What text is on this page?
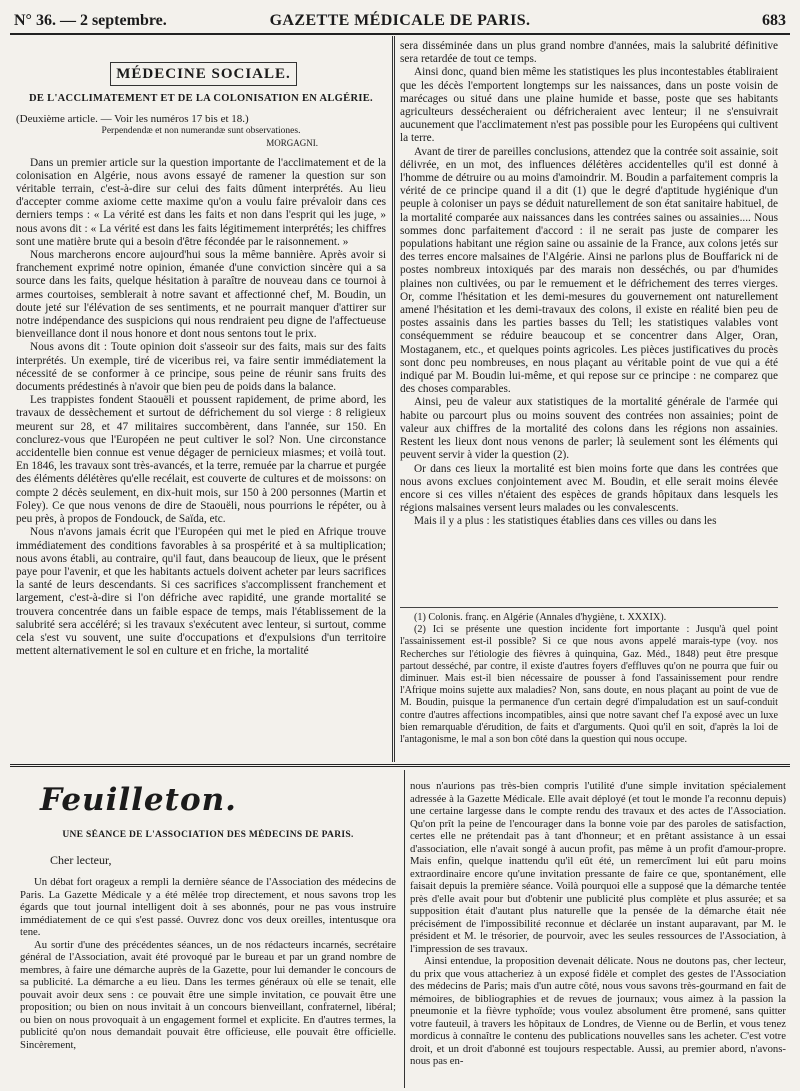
N° 36. — 2 septembre.	GAZETTE MÉDICALE DE PARIS.	683
MÉDECINE SOCIALE.
DE L'ACCLIMATEMENT ET DE LA COLONISATION EN ALGÉRIE.

(Deuxième article. — Voir les numéros 17 bis et 18.)

Perpendendæ et non numerandæ sunt observationes.
MORGAGNI.

Dans un premier article sur la question importante de l'acclimatement et de la colonisation en Algérie, nous avons essayé de ramener la question sur son véritable terrain, c'est-à-dire sur celui des faits dûment interprétés. Au lieu d'accepter comme axiome cette maxime qu'on a voulu faire prévaloir dans ces derniers temps : « La vérité est dans les faits et non dans l'esprit qui les juge, » nous avons dit : « La vérité est dans les faits légitimement interprétés; les chiffres sont une matière brute qui a besoin d'être fécondée par le raisonnement. »

Nous marcherons encore aujourd'hui sous la même bannière. Après avoir si franchement exprimé notre opinion, émanée d'une conviction sincère qui a sa source dans les faits, quelque hésitation à paraître de nouveau dans ce tournoi à armes courtoises, semblerait à notre savant et affectionné chef, M. Boudin, un doute jeté sur l'élévation de ses sentiments, et ne pourrait manquer d'attirer sur notre indépendance des suspicions qui nous rendraient peu digne de l'affectueuse bienveillance dont il nous honore et dont nous sentons tout le prix.

Nous avons dit : Toute opinion doit s'asseoir sur des faits, mais sur des faits interprétés. Un exemple, tiré de viceribus rei, va faire sentir immédiatement la nécessité de se conformer à ce principe, sous peine de réunir sans fruits des documents prédestinés à n'avoir que bien peu de poids dans la balance.

Les trappistes fondent Staouëli et poussent rapidement, de prime abord, les travaux de dessèchement et surtout de défrichement du sol vierge : 8 religieux meurent sur 28, et 47 militaires succombèrent, dans l'année, sur 150. En conclurez-vous que l'Européen ne peut cultiver le sol? Non. Une circonstance accidentelle bien connue est venue dégager de pernicieux miasmes; et voilà tout. En 1846, les travaux sont très-avancés, et la terre, remuée par la charrue et purgée des éléments délétères qu'elle recélait, est couverte de cultures et de moissons: on compte 2 décès seulement, en dix-huit mois, sur 150 à 200 personnes (Martin et Foley). Ce que nous venons de dire de Staouëli, nous pourrions le répéter, ou à peu près, à propos de Fondouck, de Saïda, etc.

Nous n'avons jamais écrit que l'Européen qui met le pied en Afrique trouve immédiatement des conditions favorables à sa prospérité et à sa multiplication; nous avons établi, au contraire, qu'il faut, dans beaucoup de lieux, que le présent paye pour l'avenir, et que les habitants actuels doivent acheter par leurs sacrifices la santé de leurs descendants. Si ces sacrifices s'accomplissent franchement et largement, c'est-à-dire si l'on défriche avec rapidité, une grande mortalité se trouvera concentrée dans un faible espace de temps, mais l'établissement de la salubrité sera accéléré; si les travaux s'exécutent avec lenteur, si surtout, comme cela s'est vu souvent, une suite d'occupations et d'expulsions d'un territoire mettent alternativement le sol en culture et en friche, la mortalité

sera disséminée dans un plus grand nombre d'années, mais la salubrité définitive sera retardée de tout ce temps.

Ainsi donc, quand bien même les statistiques les plus incontestables établiraient que les décès l'emportent longtemps sur les naissances, dans un poste voisin de marécages ou situé dans une plaine humide et basse, poste que ses habitants agriculteurs dessécheraient ou défricheraient avec lenteur; il ne s'ensuivrait aucunement que l'acclimatement n'est pas possible pour les Européens qui cultivent la terre.

Avant de tirer de pareilles conclusions, attendez que la contrée soit assainie, soit délivrée, en un mot, des influences délétères accidentelles qu'il est donné à l'homme de détruire ou au moins d'amoindrir. M. Boudin a parfaitement compris la vérité de ce principe quand il a dit (1) que le degré d'aptitude hygiénique d'un peuple à coloniser un pays se déduit naturellement de son état sanitaire habituel, de la mortalité comparée aux naissances dans les contrées saines ou assainies.... Nous sommes donc parfaitement d'accord : il ne serait pas juste de comparer les populations habitant une région saine ou assainie de la France, aux colons jetés sur des terres encore malsaines de l'Algérie. Ainsi ne parlons plus de Bouffarick ni de postes nombreux intoxiqués par des marais non desséchés, ou par d'humides plaines non cultivées, ou par le remuement et le défrichement des terres vierges. Or, comme l'hésitation et les demi-mesures du gouvernement ont naturellement amené l'hésitation et les demi-travaux des colons, il existe en réalité bien peu de postes assainis dans les parties basses du Tell; les statistiques valables vont conséquemment se réduire beaucoup et se concentrer dans Alger, Oran, Mostaganem, etc., et quelques points agricoles. Les pièces justificatives du procès sont donc peu nombreuses, en nous plaçant au véritable point de vue qui a été indiqué par M. Boudin lui-même, et qui repose sur ce principe : ne comparez que des choses comparables.

Ainsi, peu de valeur aux statistiques de la mortalité générale de l'armée qui habite ou parcourt plus ou moins souvent des contrées non assainies; point de valeur aux chiffres de la mortalité des colons dans les régions non assainies. Restent les lieux dont nous venons de parler; là seulement sont les éléments qui peuvent servir à vider la question (2).

Or dans ces lieux la mortalité est bien moins forte que dans les contrées que nous avons exclues conjointement avec M. Boudin, et elle serait moins élevée encore si ces villes n'étaient des espèces de grands hôpitaux dans lesquels les régions malsaines versent leurs malades ou les convalescents.

Mais il y a plus : les statistiques établies dans ces villes ou dans les

(1) Colonis. franç. en Algérie (Annales d'hygiène, t. XXXIX).

(2) Ici se présente une question incidente fort importante : Jusqu'à quel point l'assainissement est-il possible? Si ce que nous avons appelé marais-type (voy. nos Recherches sur l'étiologie des fièvres à quinquina, Gaz. Méd., 1848) peut être presque partout desséché, par contre, il existe d'autres foyers d'effluves qu'on ne pourra que fuir ou diminuer. Mais est-il bien nécessaire de pousser à fond l'assainissement pour rendre l'Afrique moins sujette aux maladies? Non, sans doute, en nous plaçant au point de vue de M. Boudin, puisque la permanence d'un certain degré d'impaludation est un sauf-conduit contre d'autres affections incompatibles, ainsi que notre savant chef l'a exposé avec un luxe bien remarquable d'érudition, de faits et d'arguments. Quoi qu'il en soit, d'après la loi de l'antagonisme, le mal a son bon côté dans la question qui nous occupe.

Feuilleton.
UNE SÉANCE DE L'ASSOCIATION DES MÉDECINS DE PARIS.

Cher lecteur,

Un débat fort orageux a rempli la dernière séance de l'Association des médecins de Paris. La Gazette Médicale y a été mêlée trop directement, et nous savons trop les égards que tout journal intelligent doit à ses abonnés, pour ne pas vous instruire immédiatement de ce qui s'est passé. Ouvrez donc vos deux oreilles, intentusque ora tene.

Au sortir d'une des précédentes séances, un de nos rédacteurs incarnés, secrétaire général de l'Association, avait été provoqué par le bureau et par un grand nombre de membres, à faire une démarche auprès de la Gazette, pour lui demander le concours de sa publicité. La démarche a eu lieu. Dans les termes généraux où elle se tenait, elle pouvait avoir deux sens : ce pouvait être une simple invitation, ce pouvait être une proposition; ou bien on nous invitait à un concours bienveillant, confraternel, libéral; ou bien on nous provoquait à un engagement formel et explicite. En d'autres termes, la publicité qu'on nous demandait pouvait être officieuse, elle pouvait être officielle. Sincèrement,

nous n'aurions pas très-bien compris l'utilité d'une simple invitation spécialement adressée à la Gazette Médicale. Elle avait déployé (et tout le monde l'a reconnu depuis) une certaine largesse dans le compte rendu des travaux et des actes de l'Association. Qu'on prît la peine de l'encourager dans la bonne voie par des paroles de satisfaction, certes elle ne prétendait pas à tant d'honneur; et en prêtant assistance à un essai d'association, elle n'avait songé à aucun profit, pas même à un profit d'amour-propre. Mais enfin, quelque inattendu qu'il eût été, un remercîment lui eût paru moins extraordinaire encore qu'une invitation pressante de faire ce que, spontanément, elle faisait depuis la première séance. Voilà pourquoi elle a supposé que la démarche tentée près d'elle avait pour but d'obtenir une publicité plus complète et plus assurée; et sa supposition était d'autant plus naturelle que la pensée de la démarche était née précisément de l'impossibilité reconnue et déclarée un instant auparavant, par M. le président et M. le trésorier, de pourvoir, avec les seules ressources de l'Association, à l'impression de ses travaux.

Ainsi entendue, la proposition devenait délicate. Nous ne doutons pas, cher lecteur, du prix que vous attacheriez à un exposé fidèle et complet des gestes de l'Association des médecins de Paris; mais d'un autre côté, nous vous savons très-gourmand en fait de mémoires, de bibliographies et de revues de journaux; vous aimez à la passion la pneumonie et la fièvre typhoïde; vous voulez absolument être promené, sans quitter votre fauteuil, à travers les hôpitaux de Londres, de Vienne ou de Berlin, et vous tenez mordicus à connaître le contenu des publications nouvelles sans les acheter. C'est votre droit, et un droit d'abonné est toujours respectable. Aussi, au premier abord, n'avons-nous pas en-
